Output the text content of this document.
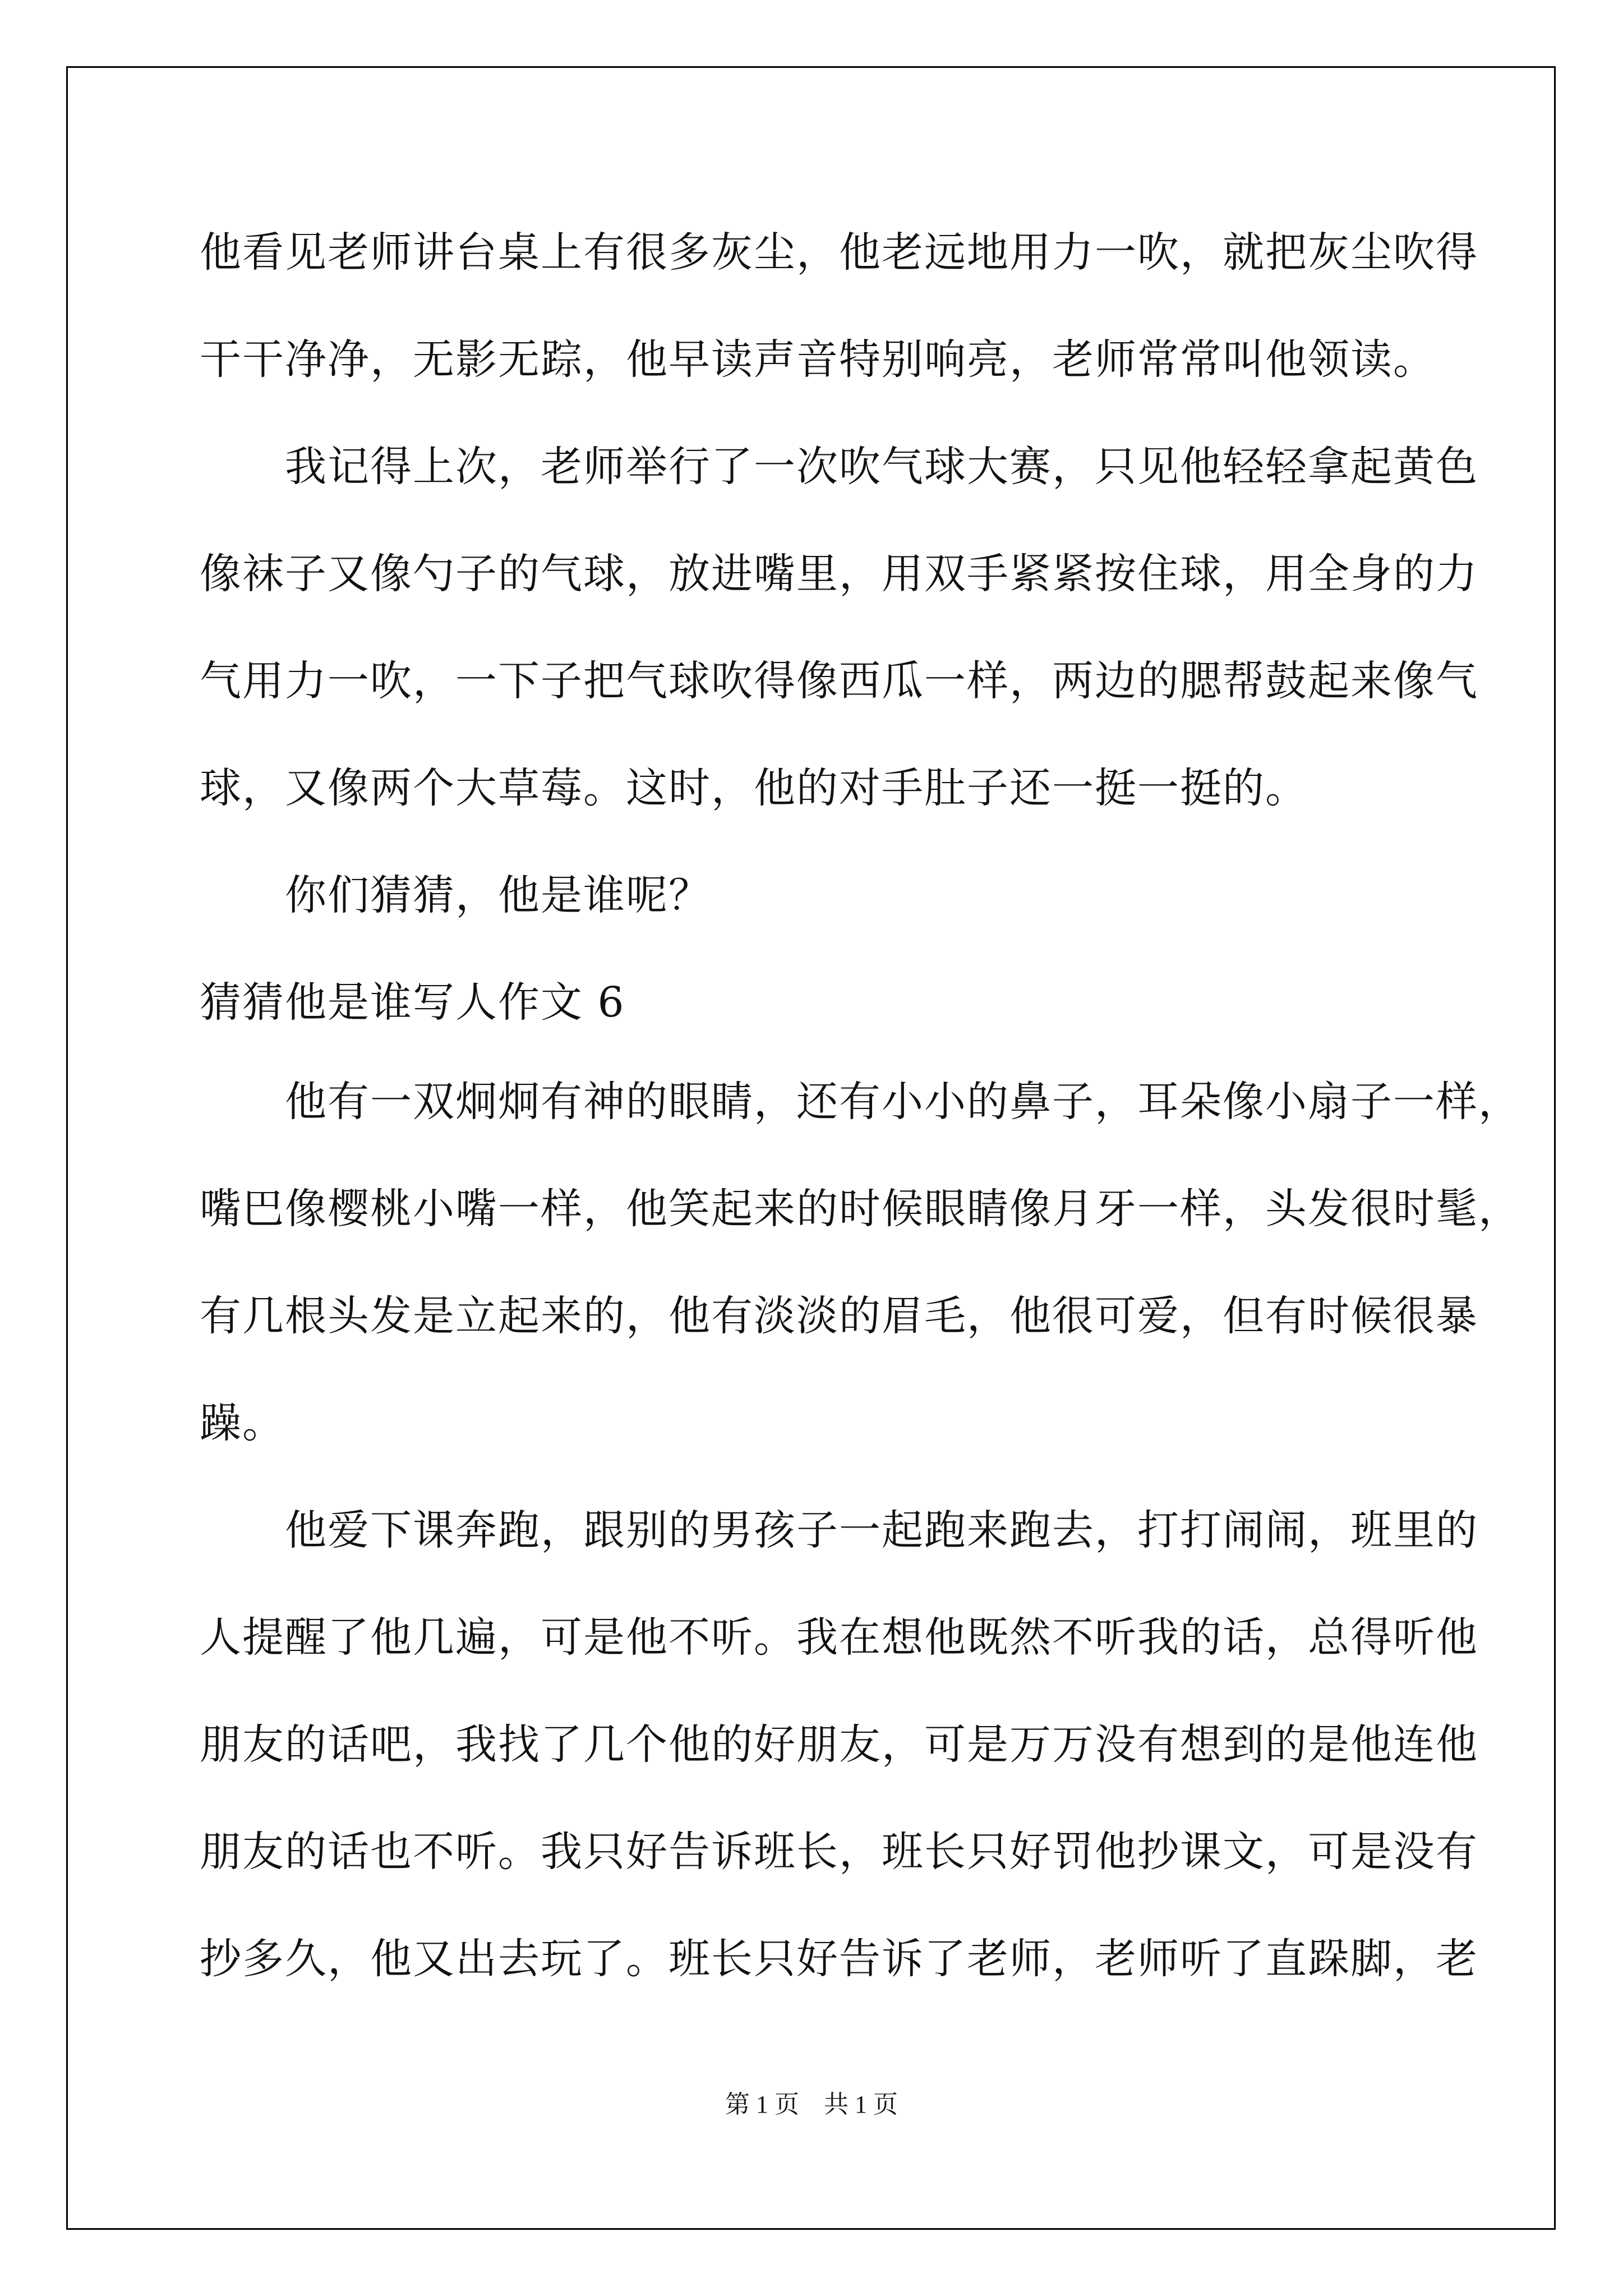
他看见老师讲台桌上有很多灰尘，他老远地用力一吹，就把灰尘吹得

干干净净，无影无踪，他早读声音特别响亮，老师常常叫他领读。

　　我记得上次，老师举行了一次吹气球大赛，只见他轻轻拿起黄色

像袜子又像勺子的气球，放进嘴里，用双手紧紧按住球，用全身的力

气用力一吹，一下子把气球吹得像西瓜一样，两边的腮帮鼓起来像气

球，又像两个大草莓。这时，他的对手肚子还一挺一挺的。

　　你们猜猜，他是谁呢？

猜猜他是谁写人作文 6

　　他有一双炯炯有神的眼睛，还有小小的鼻子，耳朵像小扇子一样，

嘴巴像樱桃小嘴一样，他笑起来的时候眼睛像月牙一样，头发很时髦，

有几根头发是立起来的，他有淡淡的眉毛，他很可爱，但有时候很暴

躁。

　　他爱下课奔跑，跟别的男孩子一起跑来跑去，打打闹闹，班里的

人提醒了他几遍，可是他不听。我在想他既然不听我的话，总得听他

朋友的话吧，我找了几个他的好朋友，可是万万没有想到的是他连他

朋友的话也不听。我只好告诉班长，班长只好罚他抄课文，可是没有

抄多久，他又出去玩了。班长只好告诉了老师，老师听了直跺脚，老

第 1 页　共 1 页
